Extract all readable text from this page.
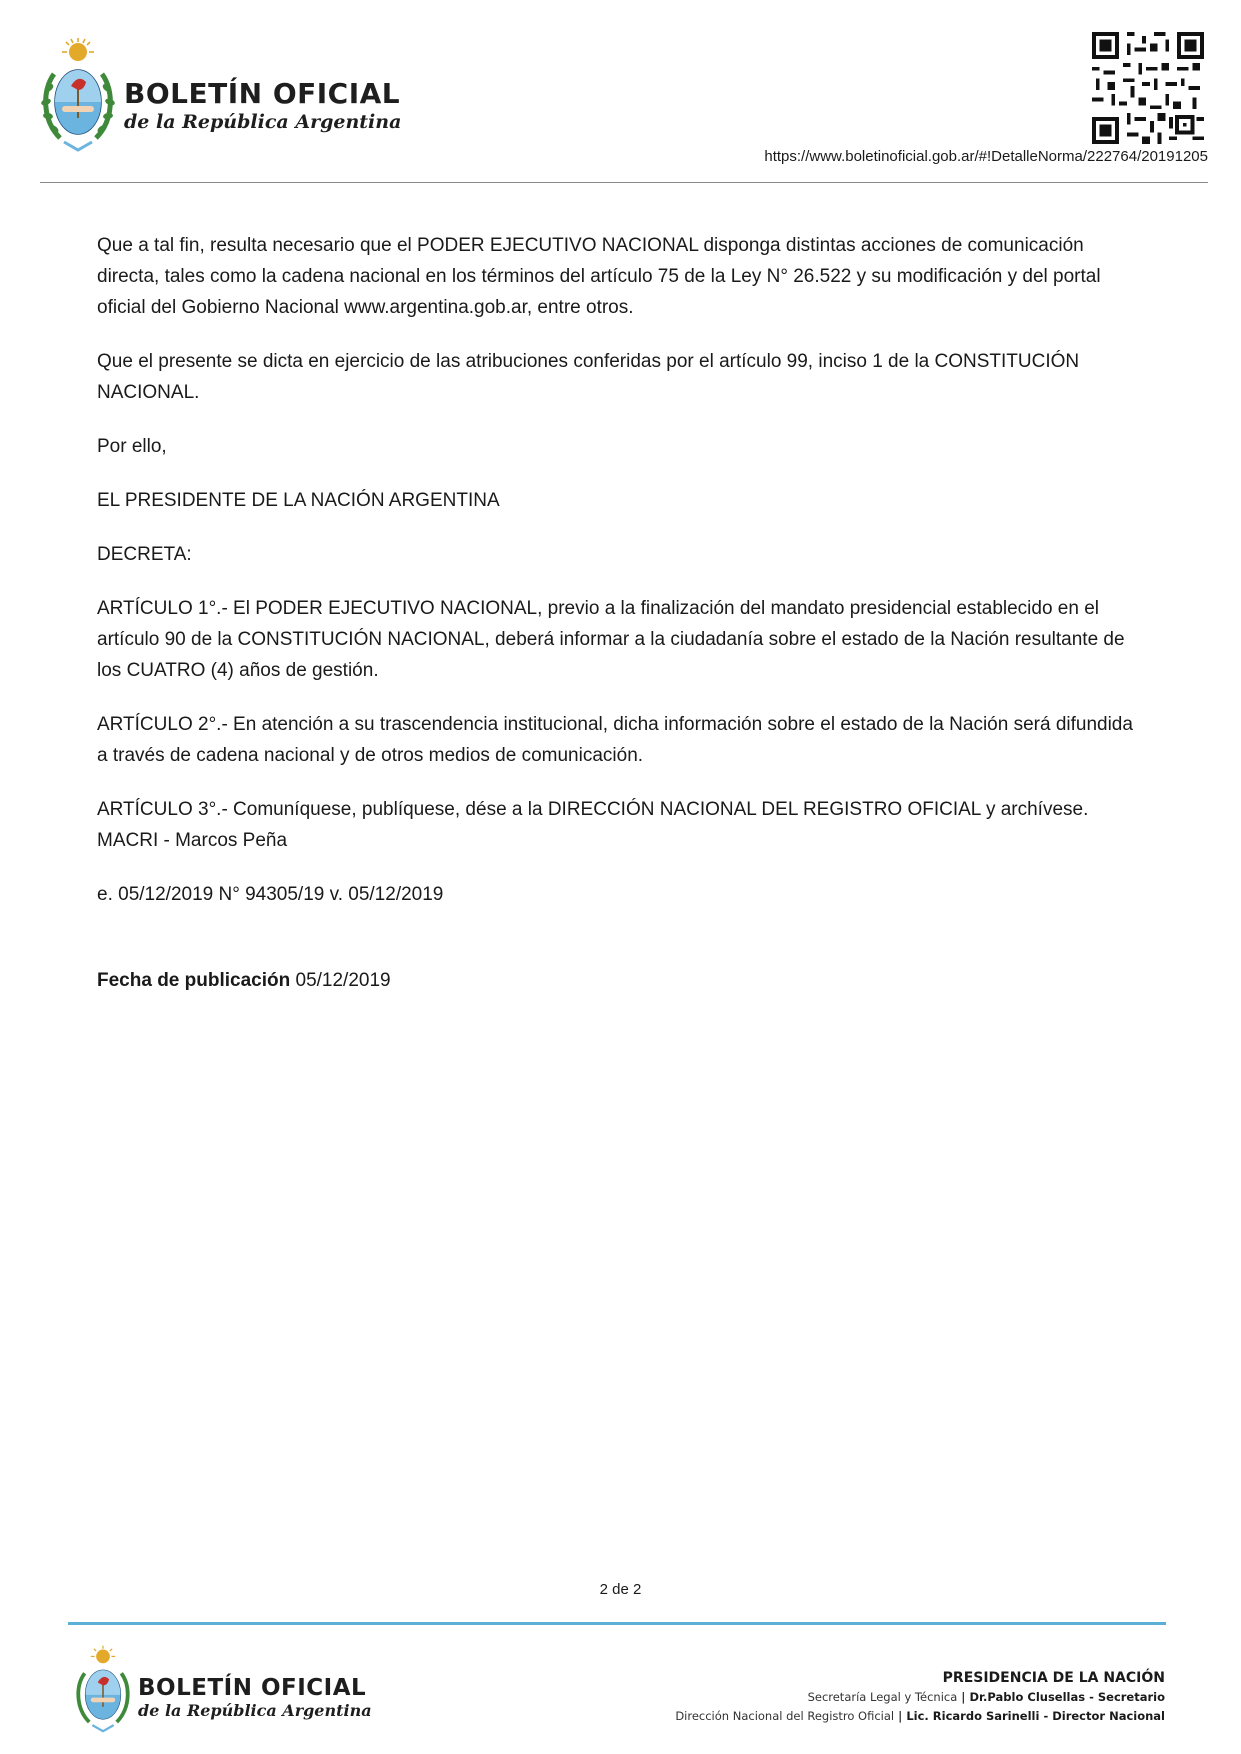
BOLETÍN OFICIAL
de la República Argentina
https://www.boletinoficial.gob.ar/#!DetalleNorma/222764/20191205

Que a tal fin, resulta necesario que el PODER EJECUTIVO NACIONAL disponga distintas acciones de comunicación directa, tales como la cadena nacional en los términos del artículo 75 de la Ley N° 26.522 y su modificación y del portal oficial del Gobierno Nacional www.argentina.gob.ar, entre otros.

Que el presente se dicta en ejercicio de las atribuciones conferidas por el artículo 99, inciso 1 de la CONSTITUCIÓN NACIONAL.

Por ello,

EL PRESIDENTE DE LA NACIÓN ARGENTINA

DECRETA:

ARTÍCULO 1°.- El PODER EJECUTIVO NACIONAL, previo a la finalización del mandato presidencial establecido en el artículo 90 de la CONSTITUCIÓN NACIONAL, deberá informar a la ciudadanía sobre el estado de la Nación resultante de los CUATRO (4) años de gestión.

ARTÍCULO 2°.- En atención a su trascendencia institucional, dicha información sobre el estado de la Nación será difundida a través de cadena nacional y de otros medios de comunicación.

ARTÍCULO 3°.- Comuníquese, publíquese, dése a la DIRECCIÓN NACIONAL DEL REGISTRO OFICIAL y archívese. MACRI - Marcos Peña

e. 05/12/2019 N° 94305/19 v. 05/12/2019

Fecha de publicación 05/12/2019

2 de 2
BOLETÍN OFICIAL
de la República Argentina
PRESIDENCIA DE LA NACIÓN
Secretaría Legal y Técnica | Dr.Pablo Clusellas - Secretario
Dirección Nacional del Registro Oficial | Lic. Ricardo Sarinelli - Director Nacional
